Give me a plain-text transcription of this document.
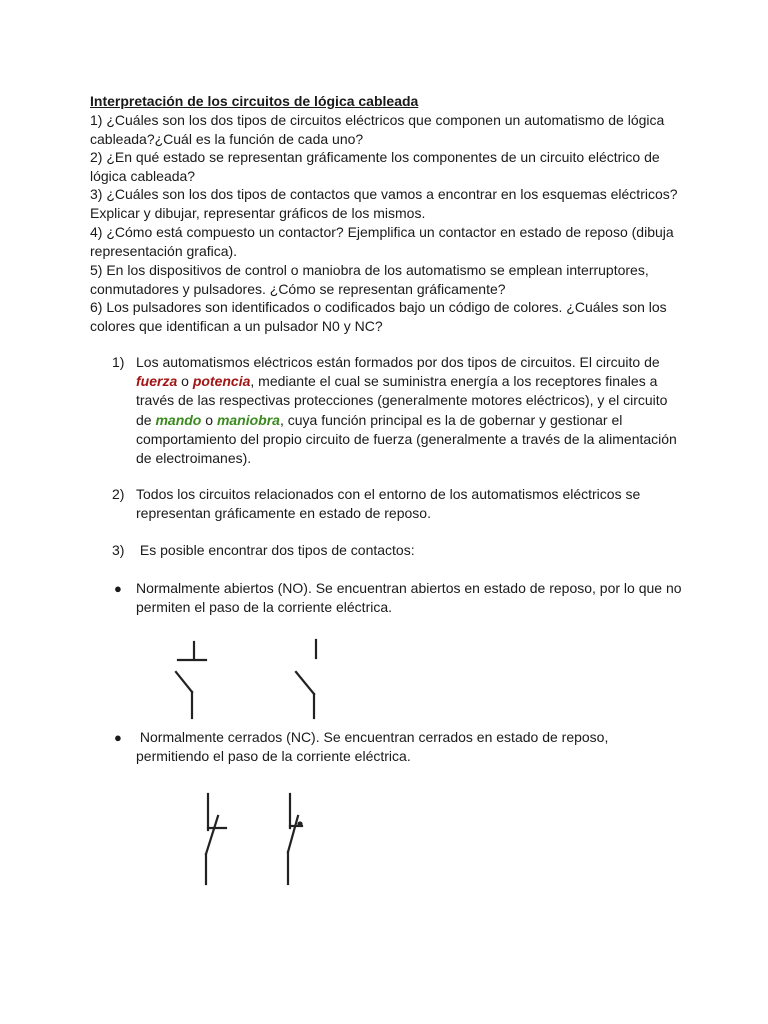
Interpretación de los circuitos de lógica cableada
1) ¿Cuáles son los dos tipos de circuitos eléctricos que componen un automatismo de lógica cableada?¿Cuál es la función de cada uno?
2) ¿En qué estado se representan gráficamente los componentes de un circuito eléctrico de lógica cableada?
3) ¿Cuáles son los dos tipos de contactos que vamos a encontrar en los esquemas eléctricos? Explicar y dibujar, representar gráficos de los mismos.
4) ¿Cómo está compuesto un contactor? Ejemplifica un contactor en estado de reposo (dibuja representación grafica).
5) En los dispositivos de control o maniobra de los automatismo se emplean interruptores, conmutadores y pulsadores. ¿Cómo se representan gráficamente?
6) Los pulsadores son identificados o codificados bajo un código de colores. ¿Cuáles son los colores que identifican a un pulsador N0 y NC?
1) Los automatismos eléctricos están formados por dos tipos de circuitos. El circuito de fuerza o potencia, mediante el cual se suministra energía a los receptores finales a través de las respectivas protecciones (generalmente motores eléctricos), y el circuito de mando o maniobra, cuya función principal es la de gobernar y gestionar el comportamiento del propio circuito de fuerza (generalmente a través de la alimentación de electroimanes).
2) Todos los circuitos relacionados con el entorno de los automatismos eléctricos se representan gráficamente en estado de reposo.
3) Es posible encontrar dos tipos de contactos:
● Normalmente abiertos (NO). Se encuentran abiertos en estado de reposo, por lo que no permiten el paso de la corriente eléctrica.
● Normalmente cerrados (NC). Se encuentran cerrados en estado de reposo, permitiendo el paso de la corriente eléctrica.
